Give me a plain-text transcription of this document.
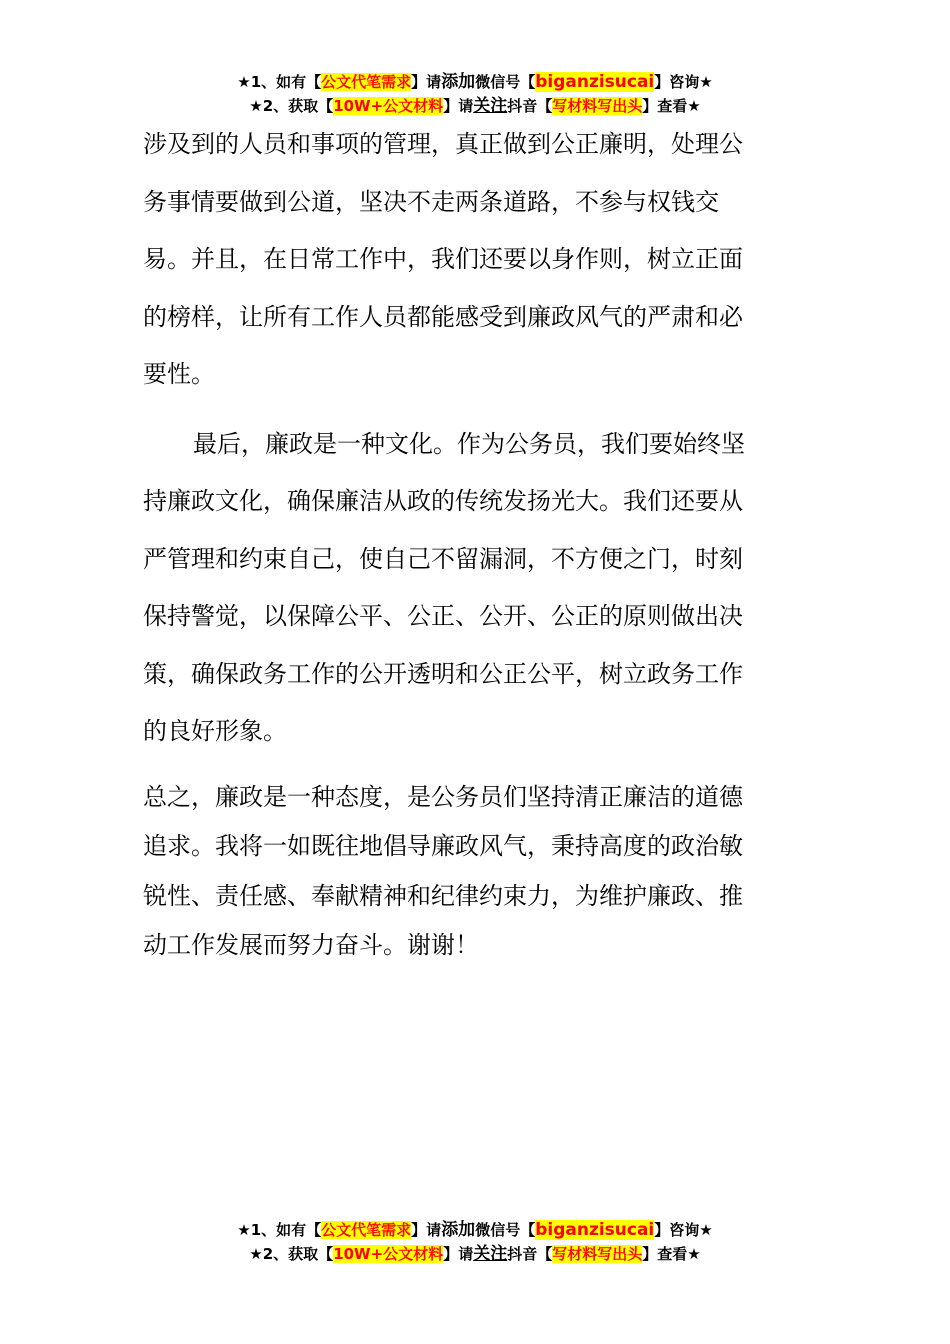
★1、如有【公文代笔需求】请添加微信号【biganzisucai】咨询★
★2、获取【10W+公文材料】请关注抖音【写材料写出头】查看★
涉及到的人员和事项的管理，真正做到公正廉明，处理公
务事情要做到公道，坚决不走两条道路，不参与权钱交
易。并且，在日常工作中，我们还要以身作则，树立正面
的榜样，让所有工作人员都能感受到廉政风气的严肃和必
要性。
最后，廉政是一种文化。作为公务员，我们要始终坚
持廉政文化，确保廉洁从政的传统发扬光大。我们还要从
严管理和约束自己，使自己不留漏洞，不方便之门，时刻
保持警觉，以保障公平、公正、公开、公正的原则做出决
策，确保政务工作的公开透明和公正公平，树立政务工作
的良好形象。
总之，廉政是一种态度，是公务员们坚持清正廉洁的道德
追求。我将一如既往地倡导廉政风气，秉持高度的政治敏
锐性、责任感、奉献精神和纪律约束力，为维护廉政、推
动工作发展而努力奋斗。谢谢！
★1、如有【公文代笔需求】请添加微信号【biganzisucai】咨询★
★2、获取【10W+公文材料】请关注抖音【写材料写出头】查看★
